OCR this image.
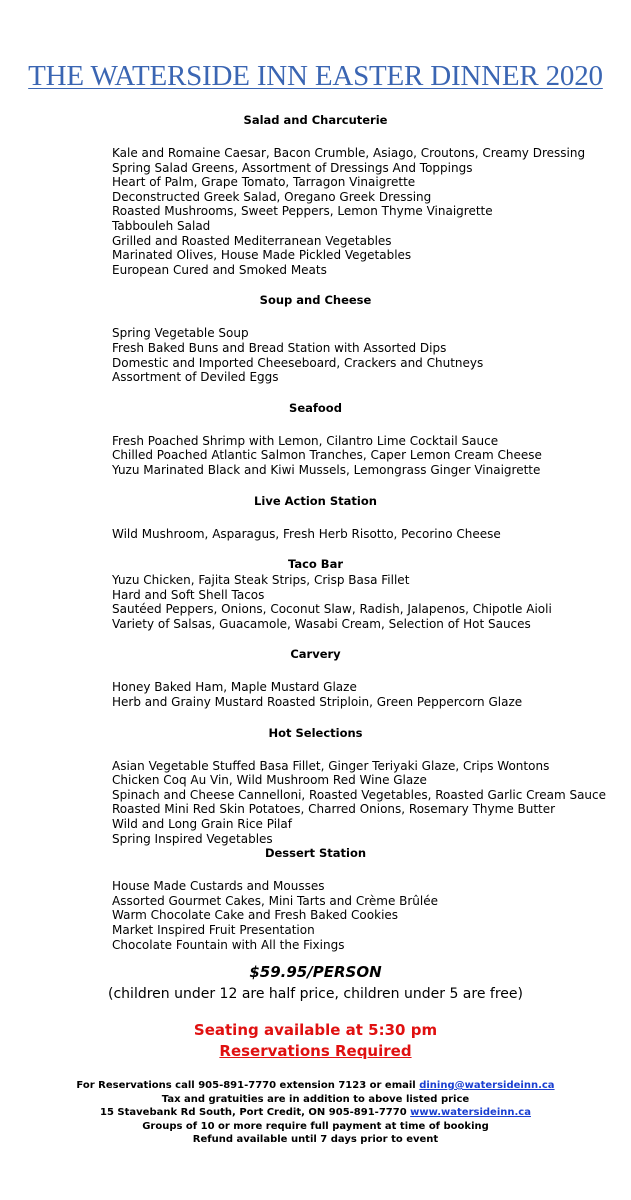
THE WATERSIDE INN EASTER DINNER 2020
Salad and Charcuterie
Kale and Romaine Caesar, Bacon Crumble, Asiago, Croutons, Creamy Dressing
Spring Salad Greens, Assortment of Dressings And Toppings
Heart of Palm, Grape Tomato, Tarragon Vinaigrette
Deconstructed Greek Salad, Oregano Greek Dressing
Roasted Mushrooms, Sweet Peppers, Lemon Thyme Vinaigrette
Tabbouleh Salad
Grilled and Roasted Mediterranean Vegetables
Marinated Olives, House Made Pickled Vegetables
European Cured and Smoked Meats
Soup and Cheese
Spring Vegetable Soup
Fresh Baked Buns and Bread Station with Assorted Dips
Domestic and Imported Cheeseboard, Crackers and Chutneys
Assortment of Deviled Eggs
Seafood
Fresh Poached Shrimp with Lemon, Cilantro Lime Cocktail Sauce
Chilled Poached Atlantic Salmon Tranches, Caper Lemon Cream Cheese
Yuzu Marinated Black and Kiwi Mussels, Lemongrass Ginger Vinaigrette
Live Action Station
Wild Mushroom, Asparagus, Fresh Herb Risotto, Pecorino Cheese
Taco Bar
Yuzu Chicken, Fajita Steak Strips, Crisp Basa Fillet
Hard and Soft Shell Tacos
Sautéed Peppers, Onions, Coconut Slaw, Radish, Jalapenos, Chipotle Aioli
Variety of Salsas, Guacamole, Wasabi Cream, Selection of Hot Sauces
Carvery
Honey Baked Ham, Maple Mustard Glaze
Herb and Grainy Mustard Roasted Striploin, Green Peppercorn Glaze
Hot Selections
Asian Vegetable Stuffed Basa Fillet, Ginger Teriyaki Glaze, Crips Wontons
Chicken Coq Au Vin, Wild Mushroom Red Wine Glaze
Spinach and Cheese Cannelloni, Roasted Vegetables, Roasted Garlic Cream Sauce
Roasted Mini Red Skin Potatoes, Charred Onions, Rosemary Thyme Butter
Wild and Long Grain Rice Pilaf
Spring Inspired Vegetables
Dessert Station
House Made Custards and Mousses
Assorted Gourmet Cakes, Mini Tarts and Crème Brûlée
Warm Chocolate Cake and Fresh Baked Cookies
Market Inspired Fruit Presentation
Chocolate Fountain with All the Fixings
$59.95/PERSON
(children under 12 are half price, children under 5 are free)
Seating available at 5:30 pm
Reservations Required
For Reservations call 905-891-7770 extension 7123 or email dining@watersideinn.ca
Tax and gratuities are in addition to above listed price
15 Stavebank Rd South, Port Credit, ON 905-891-7770 www.watersideinn.ca
Groups of 10 or more require full payment at time of booking
Refund available until 7 days prior to event
